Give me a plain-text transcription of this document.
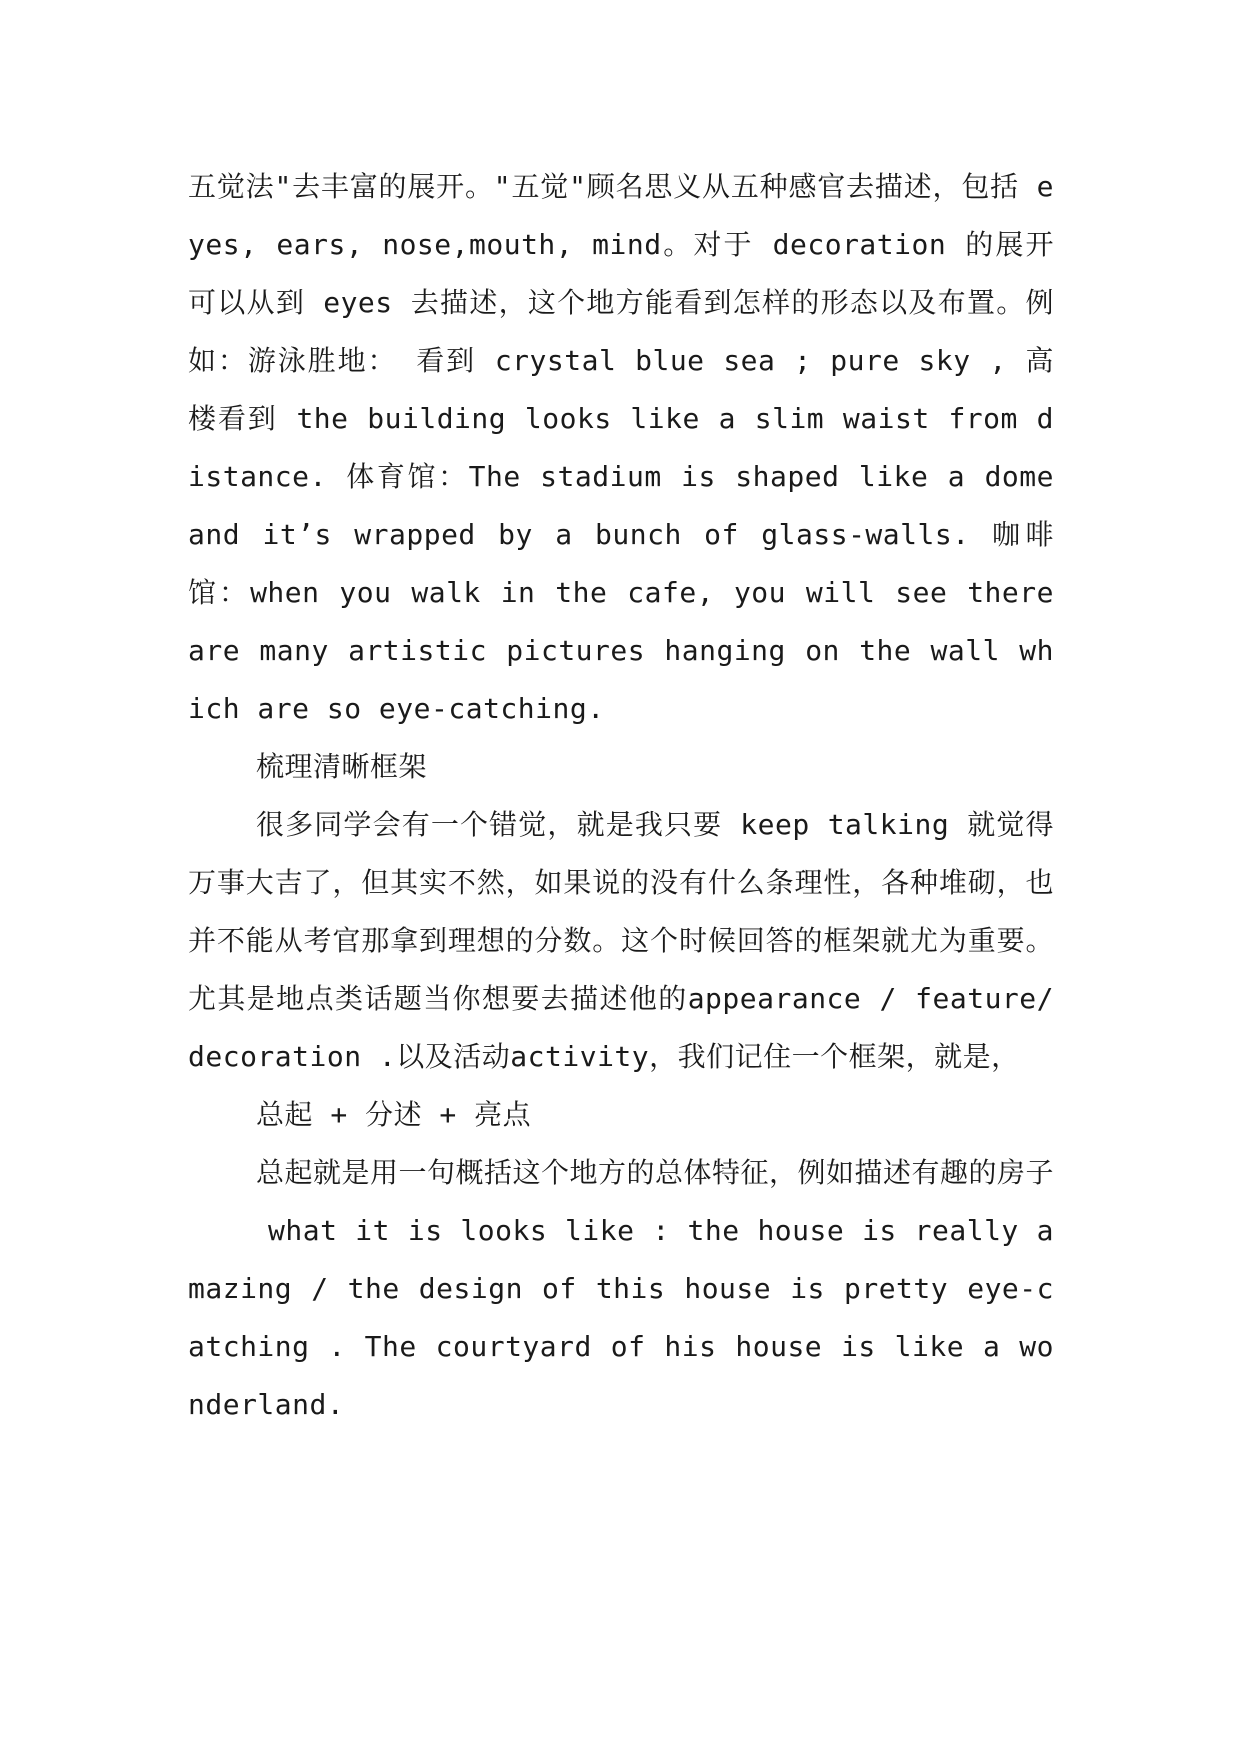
五觉法"去丰富的展开。"五觉"顾名思义从五种感官去描述，包括 eyes, ears, nose,mouth, mind。对于 decoration 的展开可以从到 eyes 去描述，这个地方能看到怎样的形态以及布置。例如：游泳胜地： 看到 crystal blue sea ; pure sky , 高楼看到 the building looks like a slim waist from distance. 体育馆：The stadium is shaped like a dome and it’s wrapped by a bunch of glass-walls. 咖啡馆：when you walk in the cafe, you will see there are many artistic pictures hanging on the wall which are so eye-catching.

梳理清晰框架

很多同学会有一个错觉，就是我只要 keep talking 就觉得万事大吉了，但其实不然，如果说的没有什么条理性，各种堆砌，也并不能从考官那拿到理想的分数。这个时候回答的框架就尤为重要。尤其是地点类话题当你想要去描述他的appearance / feature/decoration .以及活动activity，我们记住一个框架，就是，

总起 + 分述 + 亮点

总起就是用一句概括这个地方的总体特征，例如描述有趣的房子

what it is looks like : the house is really amazing / the design of this house is pretty eye-catching . The courtyard of his house is like a wonderland.
